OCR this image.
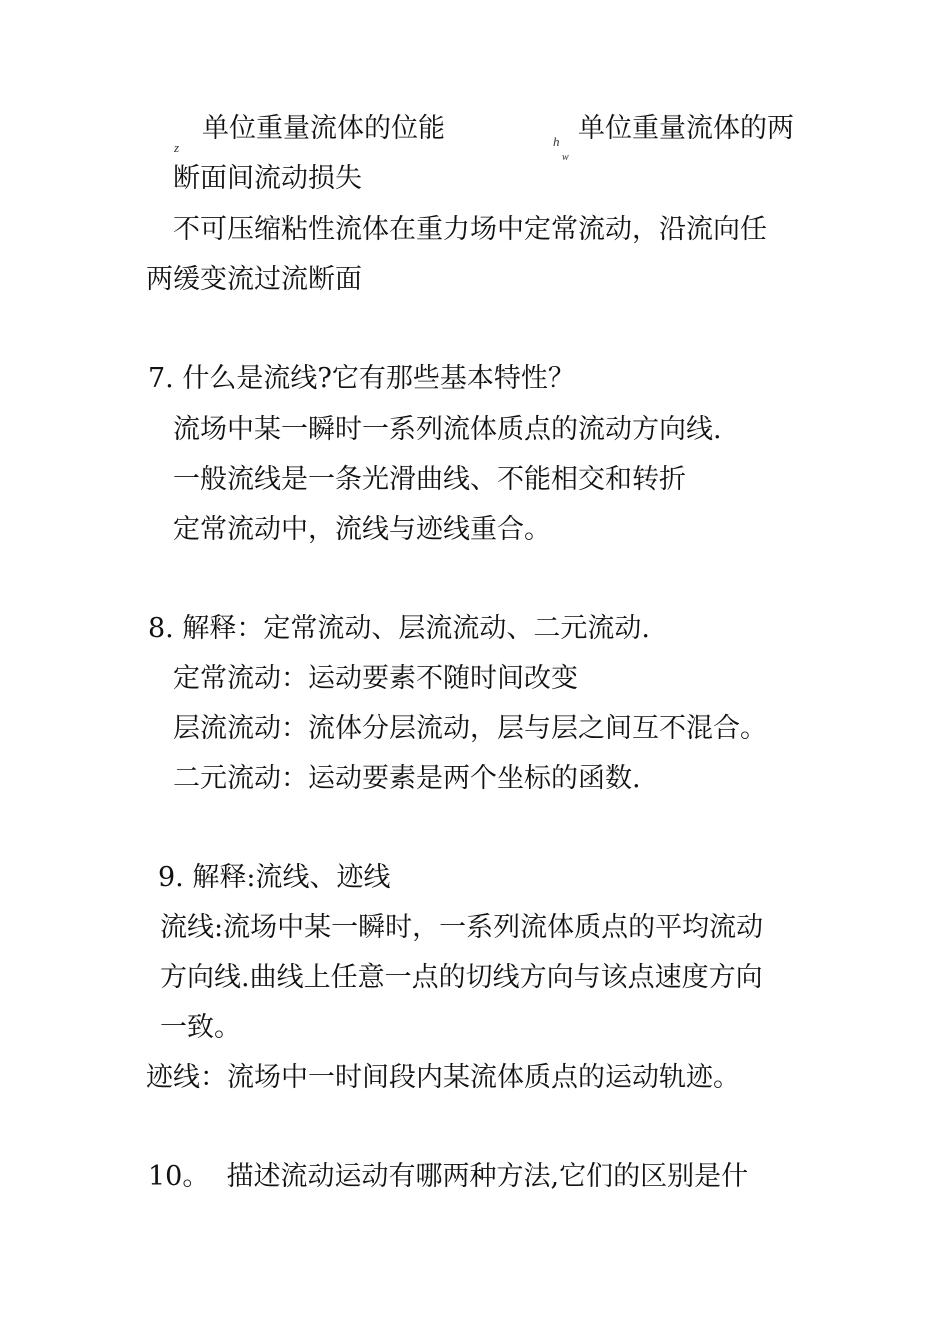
z
单位重量流体的位能	h
w
单位重量流体的两
断面间流动损失
不可压缩粘性流体在重力场中定常流动，沿流向任
两缓变流过流断面
7. 什么是流线?它有那些基本特性？
流场中某一瞬时一系列流体质点的流动方向线.
一般流线是一条光滑曲线、不能相交和转折
定常流动中，流线与迹线重合。
8. 解释：定常流动、层流流动、二元流动.
定常流动：运动要素不随时间改变
层流流动：流体分层流动，层与层之间互不混合。
二元流动：运动要素是两个坐标的函数.
9. 解释:流线、迹线
流线:流场中某一瞬时，一系列流体质点的平均流动
方向线.曲线上任意一点的切线方向与该点速度方向
一致。
迹线：流场中一时间段内某流体质点的运动轨迹。
10。  描述流动运动有哪两种方法,它们的区别是什
